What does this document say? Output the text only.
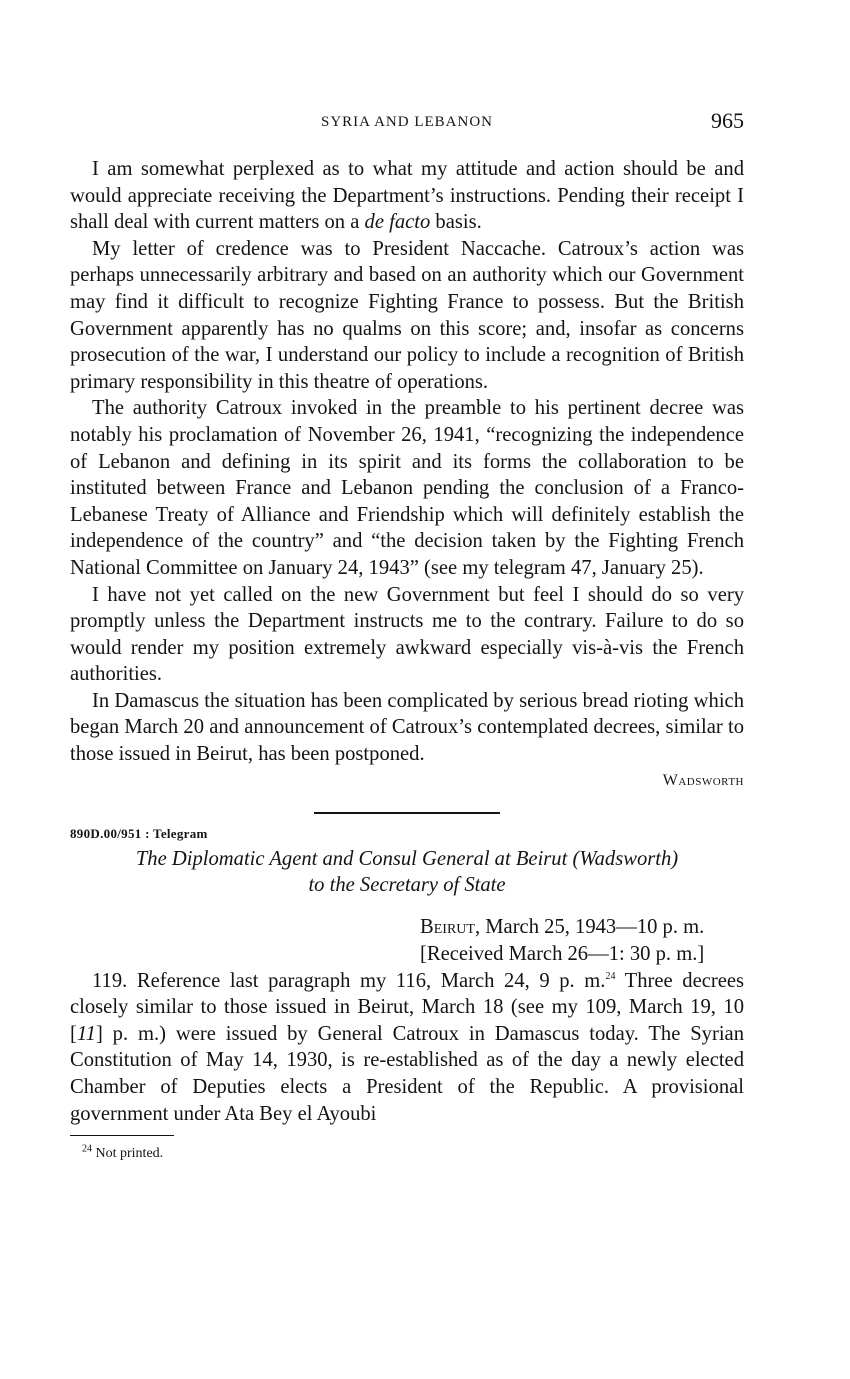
SYRIA AND LEBANON	965

I am somewhat perplexed as to what my attitude and action should be and would appreciate receiving the Department’s instructions. Pending their receipt I shall deal with current matters on a de facto basis.

My letter of credence was to President Naccache. Catroux’s action was perhaps unnecessarily arbitrary and based on an authority which our Government may find it difficult to recognize Fighting France to possess. But the British Government apparently has no qualms on this score; and, insofar as concerns prosecution of the war, I understand our policy to include a recognition of British primary responsibility in this theatre of operations.

The authority Catroux invoked in the preamble to his pertinent decree was notably his proclamation of November 26, 1941, “recognizing the independence of Lebanon and defining in its spirit and its forms the collaboration to be instituted between France and Lebanon pending the conclusion of a Franco-Lebanese Treaty of Alliance and Friendship which will definitely establish the independence of the country” and “the decision taken by the Fighting French National Committee on January 24, 1943” (see my telegram 47, January 25).

I have not yet called on the new Government but feel I should do so very promptly unless the Department instructs me to the contrary. Failure to do so would render my position extremely awkward especially vis-à-vis the French authorities.

In Damascus the situation has been complicated by serious bread rioting which began March 20 and announcement of Catroux’s contemplated decrees, similar to those issued in Beirut, has been postponed.

Wadsworth
890D.00/951 : Telegram
The Diplomatic Agent and Consul General at Beirut (Wadsworth)
to the Secretary of State
Beirut, March 25, 1943—10 p. m.
[Received March 26—1: 30 p. m.]

119. Reference last paragraph my 116, March 24, 9 p. m.$^{24}$ Three decrees closely similar to those issued in Beirut, March 18 (see my 109, March 19, 10 [11] p. m.) were issued by General Catroux in Damascus today. The Syrian Constitution of May 14, 1930, is re-established as of the day a newly elected Chamber of Deputies elects a President of the Republic. A provisional government under Ata Bey el Ayoubi

$^{24}$ Not printed.
